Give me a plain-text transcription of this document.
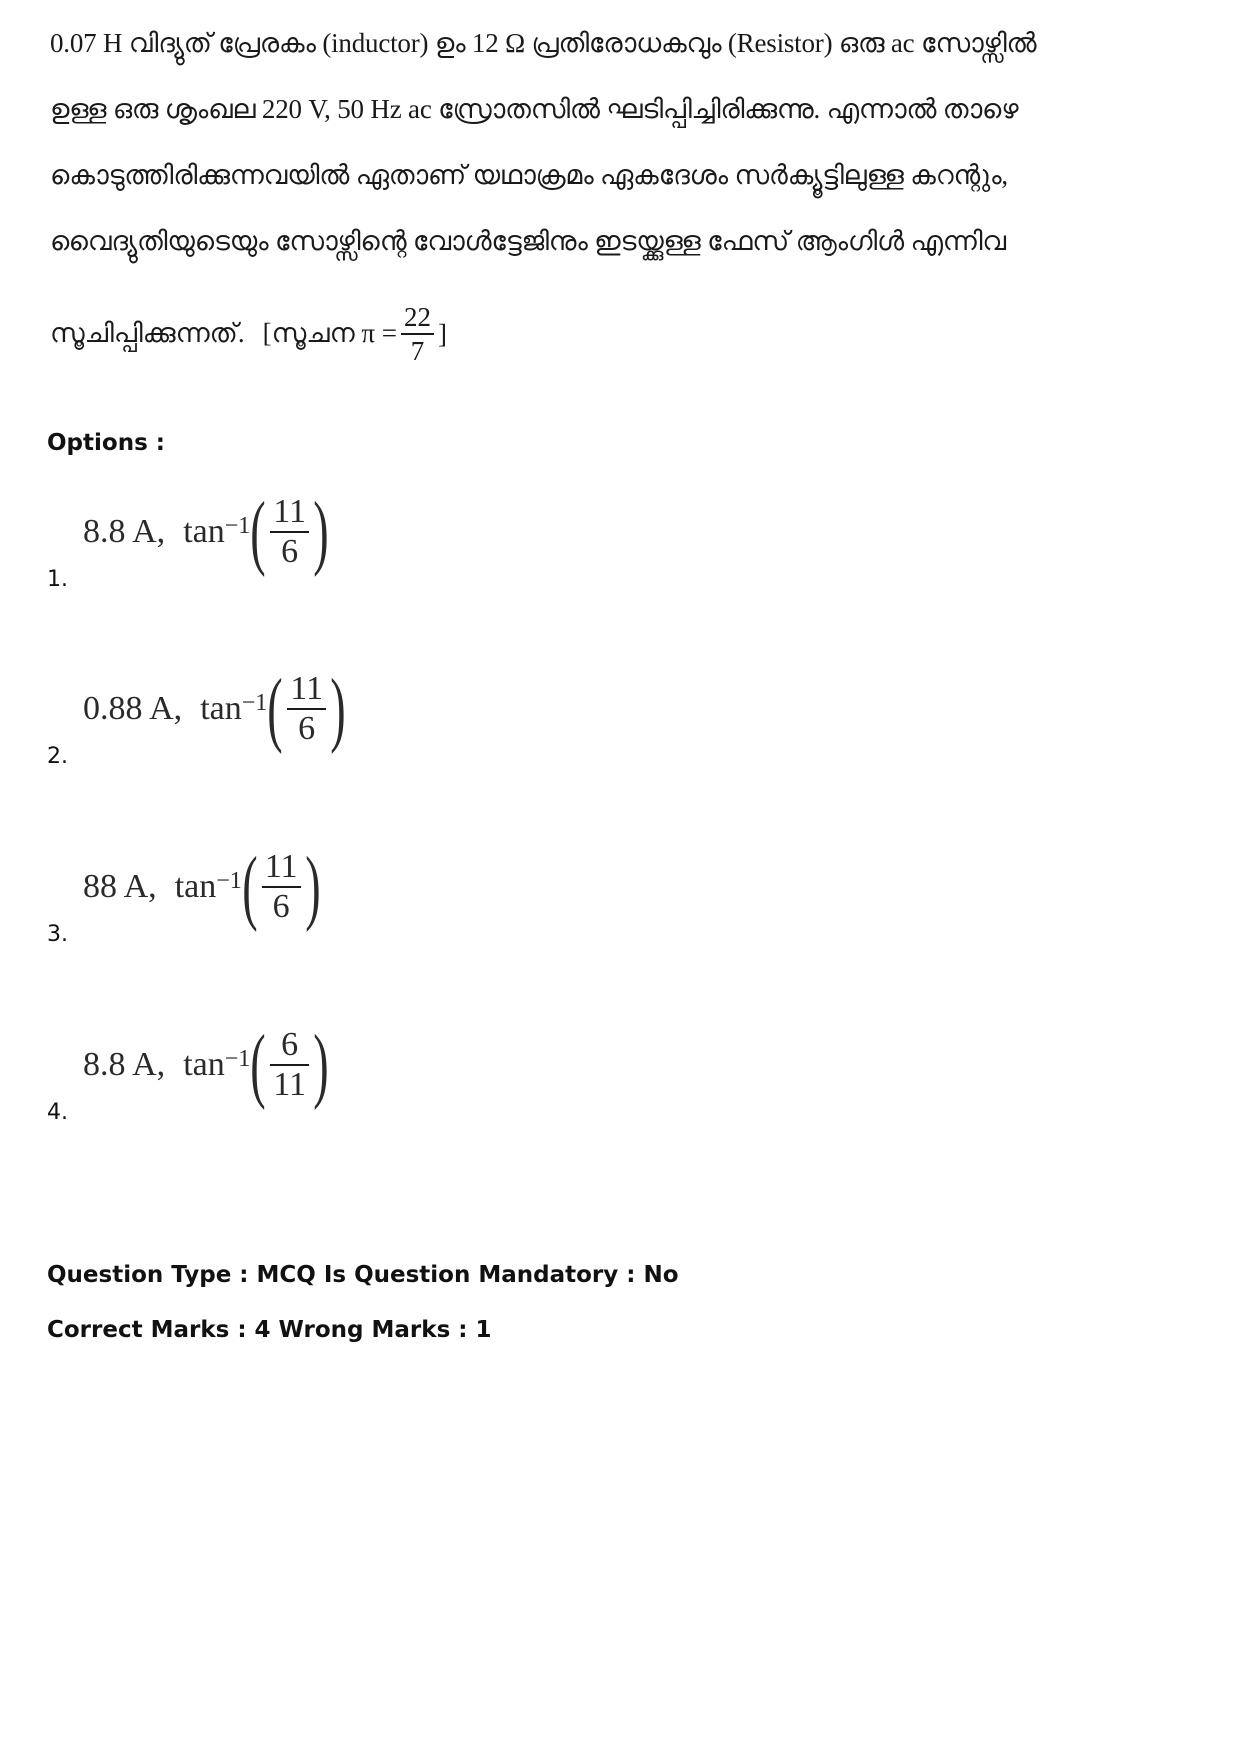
0.07 H വിദ്യുത് പ്രേരകം (inductor) ഉം 12 Ω പ്രതിരോധകവും (Resistor) ഒരു ac സോഴ്സിൽ
ഉള്ള ഒരു ശൃംഖല 220 V, 50 Hz ac സ്രോതസിൽ ഘടിപ്പിച്ചിരിക്കുന്നു. എന്നാൽ താഴെ
കൊടുത്തിരിക്കുന്നവയിൽ ഏതാണ് യഥാക്രമം ഏകദേശം സർക്യൂട്ടിലുള്ള കറന്റും,
വൈദ്യുതിയുടെയും സോഴ്സിന്റെ വോൾട്ടേജിനും ഇടയ്ക്കുള്ള ഫേസ് ആംഗിൾ എന്നിവ
സൂചിപ്പിക്കുന്നത്. [സൂചന $\pi = \frac{22}{7}$ ]
Options :
1.
8.8 A, $\tan^{-1}$ ( $\frac{11}{6}$ )
2.
0.88 A, $\tan^{-1}$ ( $\frac{11}{6}$ )
3.
88 A, $\tan^{-1}$ ( $\frac{11}{6}$ )
4.
8.8 A, $\tan^{-1}$ ( $\frac{6}{11}$ )
Question Type : MCQ Is Question Mandatory : No
Correct Marks : 4 Wrong Marks : 1
